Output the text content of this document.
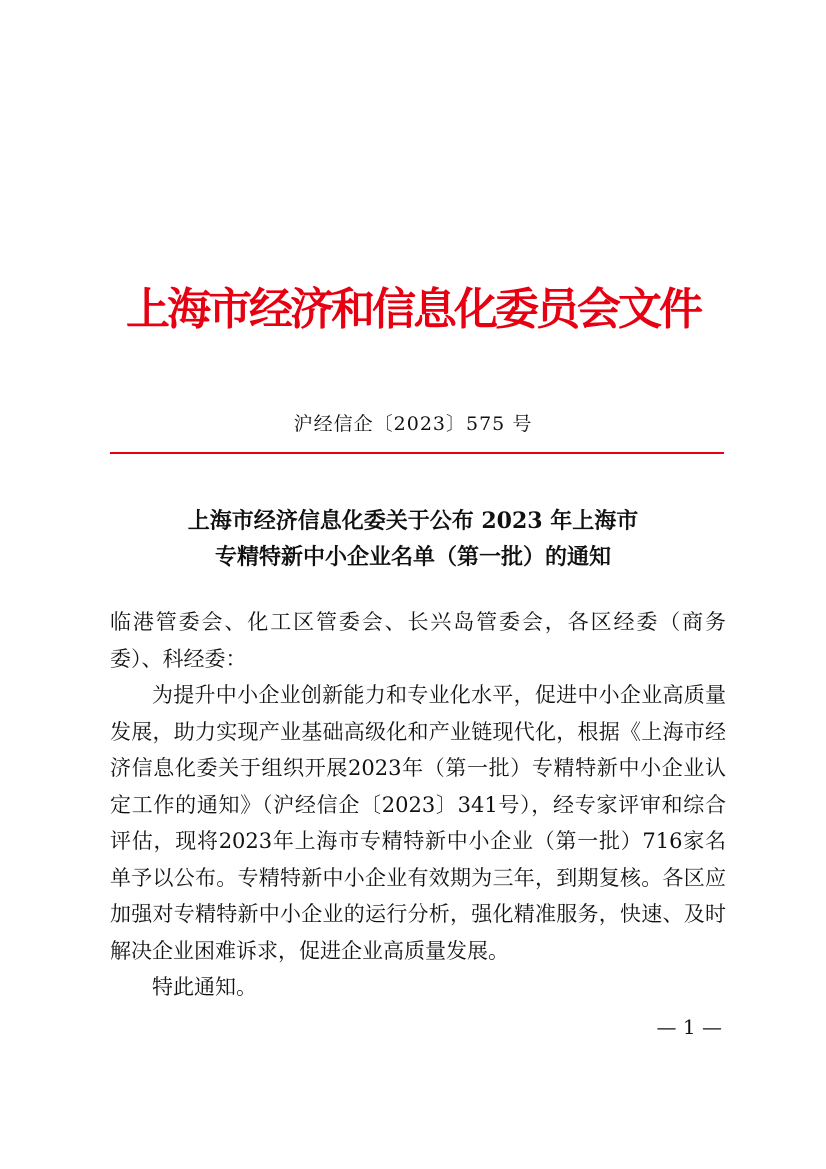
上海市经济和信息化委员会文件
沪经信企〔2023〕575 号
上海市经济信息化委关于公布 2023 年上海市
专精特新中小企业名单（第一批）的通知

临港管委会、化工区管委会、长兴岛管委会，各区经委（商务委）、科经委：

为提升中小企业创新能力和专业化水平，促进中小企业高质量发展，助力实现产业基础高级化和产业链现代化，根据《上海市经济信息化委关于组织开展2023年（第一批）专精特新中小企业认定工作的通知》（沪经信企〔2023〕341号），经专家评审和综合评估，现将2023年上海市专精特新中小企业（第一批）716家名单予以公布。专精特新中小企业有效期为三年，到期复核。各区应加强对专精特新中小企业的运行分析，强化精准服务，快速、及时解决企业困难诉求，促进企业高质量发展。

特此通知。

— 1 —
